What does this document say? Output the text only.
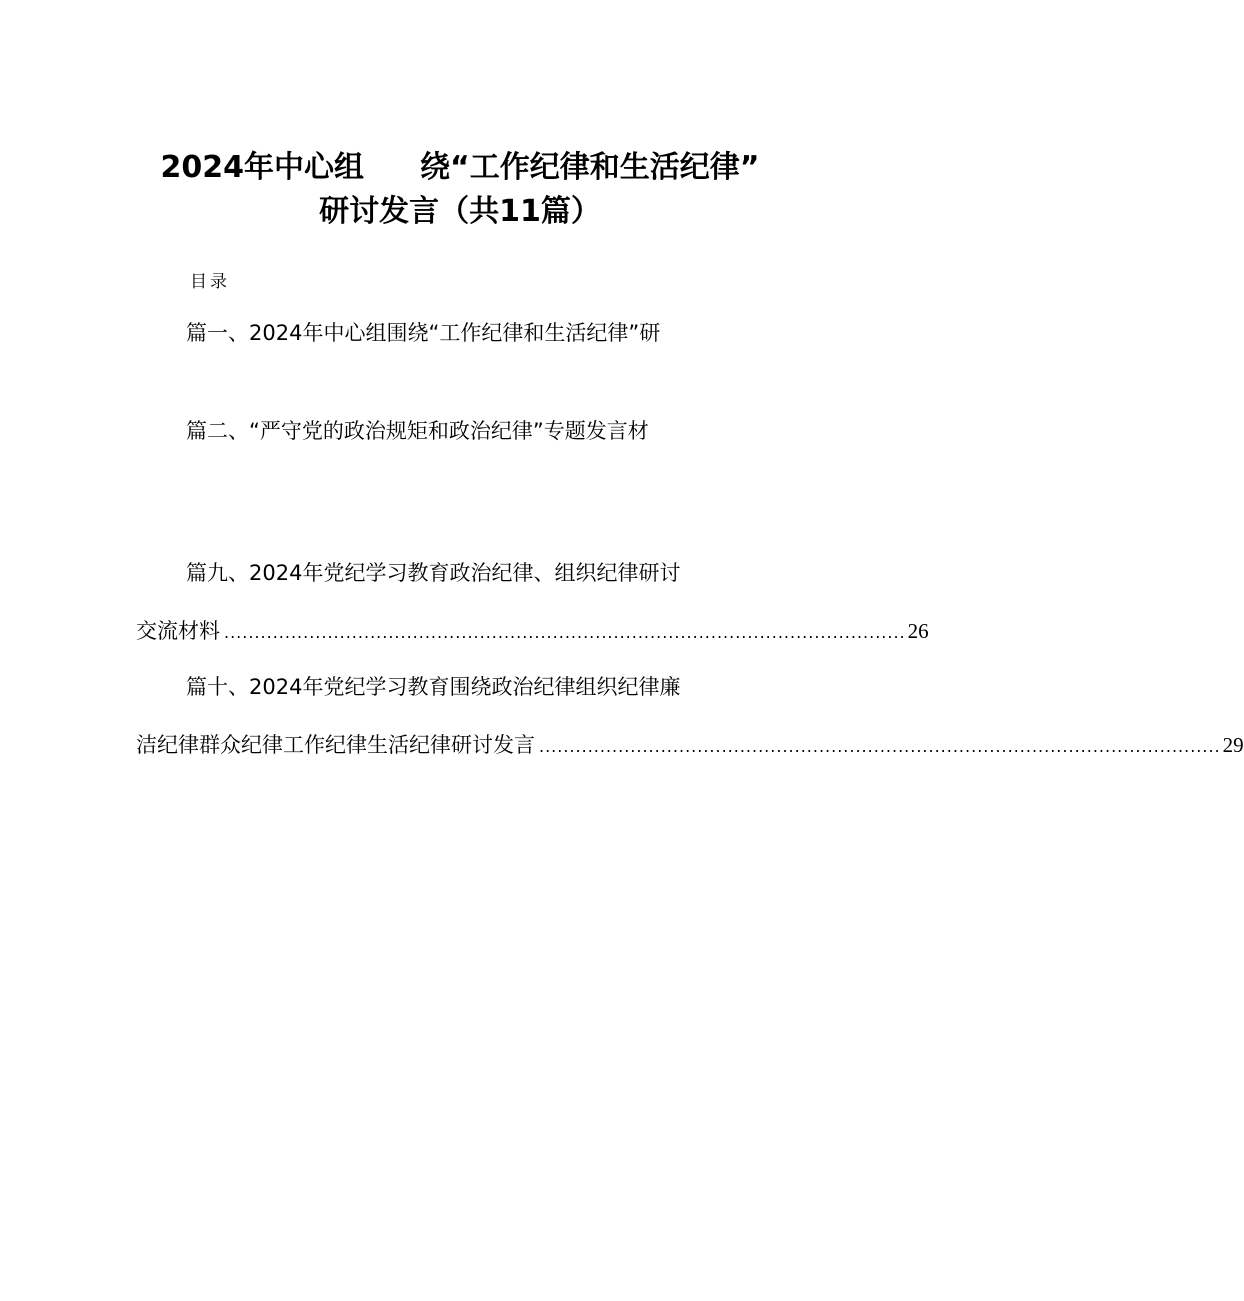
2024年中心组 绕“工作纪律和生活纪律”
研讨发言（共11篇）
目录
篇一、2024年中心组围绕“工作纪律和生活纪律”研
篇二、“严守党的政治规矩和政治纪律”专题发言材
篇九、2024年党纪学习教育政治纪律、组织纪律研讨
交流材料 ................................................................................................................ 26
篇十、2024年党纪学习教育围绕政治纪律组织纪律廉
洁纪律群众纪律工作纪律生活纪律研讨发言 ................................................................................................................ 29
